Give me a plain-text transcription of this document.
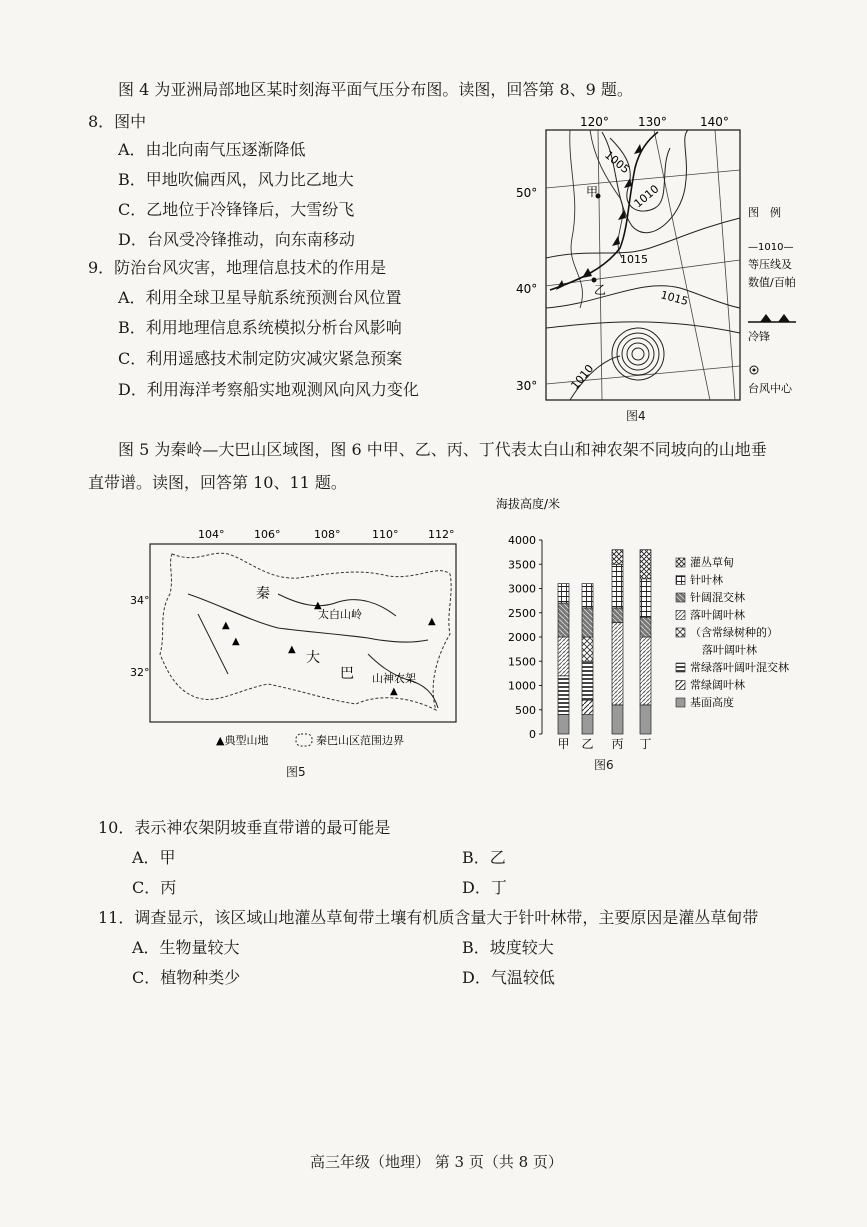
图 4 为亚洲局部地区某时刻海平面气压分布图。读图，回答第 8、9 题。
8．图中
A．由北向南气压逐渐降低
B．甲地吹偏西风，风力比乙地大
C．乙地位于冷锋锋后，大雪纷飞
D．台风受冷锋推动，向东南移动
9．防治台风灾害，地理信息技术的作用是
A．利用全球卫星导航系统预测台风位置
B．利用地理信息系统模拟分析台风影响
C．利用遥感技术制定防灾减灾紧急预案
D．利用海洋考察船实地观测风向风力变化
120° 130°	140°
50°
40°
30°
1005
1010
1015
1015
1010
甲
乙
图　例
—1010—
等压线及
数值/百帕
冷锋
台风中心
图4
图 5 为秦岭—大巴山区域图，图 6 中甲、乙、丙、丁代表太白山和神农架不同坡向的山地垂
直带谱。读图，回答第 10、11 题。
104°	106°	108°	110°	112°
34°
32°
▲
▲
▲
▲
▲
▲
秦
太白山岭
大
巴 山神农架
▲典型山地	秦巴山区范围边界
图5
海拔高度/米
4000
3500
3000
2500
2000
1500
1000
500
0
甲 乙 丙 丁
灌丛草甸
针叶林
针阔混交林
落叶阔叶林
（含常绿树种的）
落叶阔叶林
常绿落叶阔叶混交林
常绿阔叶林
基面高度
图6
10．表示神农架阴坡垂直带谱的最可能是
A．甲	B．乙
C．丙	D．丁
11．调查显示，该区域山地灌丛草甸带土壤有机质含量大于针叶林带，主要原因是灌丛草甸带
A．生物量较大	B．坡度较大
C．植物种类少	D．气温较低
高三年级（地理） 第 3 页（共 8 页）
